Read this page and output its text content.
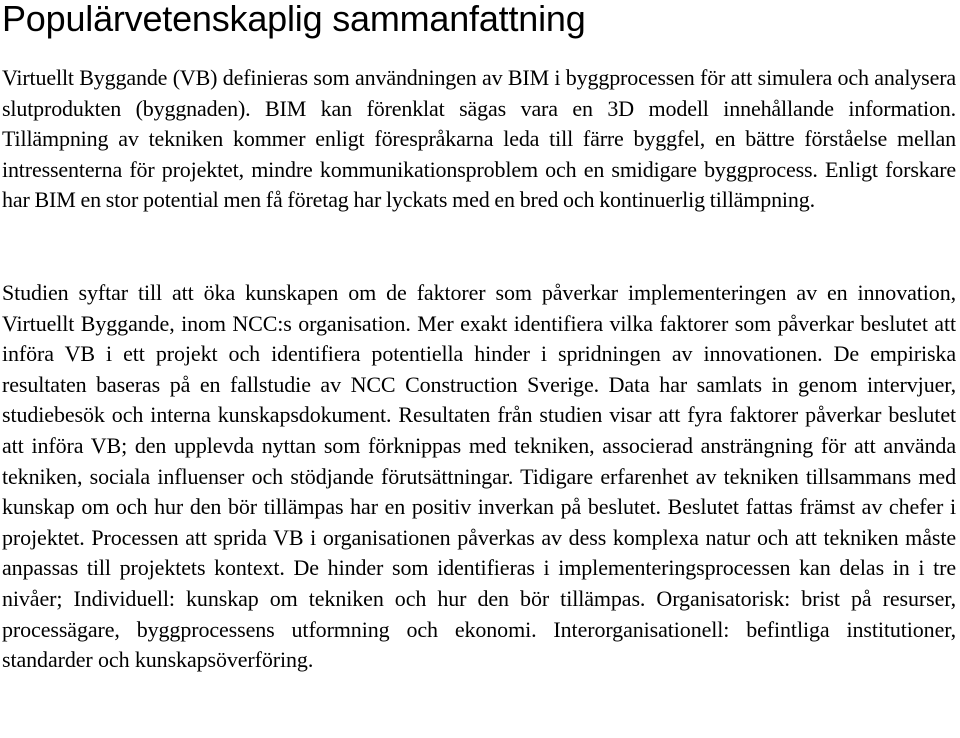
Populärvetenskaplig sammanfattning

Virtuellt Byggande (VB) definieras som användningen av BIM i byggprocessen för att simulera och analysera slutprodukten (byggnaden). BIM kan förenklat sägas vara en 3D modell innehållande information. Tillämpning av tekniken kommer enligt förespråkarna leda till färre byggfel, en bättre förståelse mellan intressenterna för projektet, mindre kommunikationsproblem och en smidigare byggprocess. Enligt forskare har BIM en stor potential men få företag har lyckats med en bred och kontinuerlig tillämpning.

Studien syftar till att öka kunskapen om de faktorer som påverkar implementeringen av en innovation, Virtuellt Byggande, inom NCC:s organisation. Mer exakt identifiera vilka faktorer som påverkar beslutet att införa VB i ett projekt och identifiera potentiella hinder i spridningen av innovationen. De empiriska resultaten baseras på en fallstudie av NCC Construction Sverige. Data har samlats in genom intervjuer, studiebesök och interna kunskapsdokument. Resultaten från studien visar att fyra faktorer påverkar beslutet att införa VB; den upplevda nyttan som förknippas med tekniken, associerad ansträngning för att använda tekniken, sociala influenser och stödjande förutsättningar. Tidigare erfarenhet av tekniken tillsammans med kunskap om och hur den bör tillämpas har en positiv inverkan på beslutet. Beslutet fattas främst av chefer i projektet. Processen att sprida VB i organisationen påverkas av dess komplexa natur och att tekniken måste anpassas till projektets kontext. De hinder som identifieras i implementeringsprocessen kan delas in i tre nivåer; Individuell: kunskap om tekniken och hur den bör tillämpas. Organisatorisk: brist på resurser, processägare, byggprocessens utformning och ekonomi. Interorganisationell: befintliga institutioner, standarder och kunskapsöverföring.
